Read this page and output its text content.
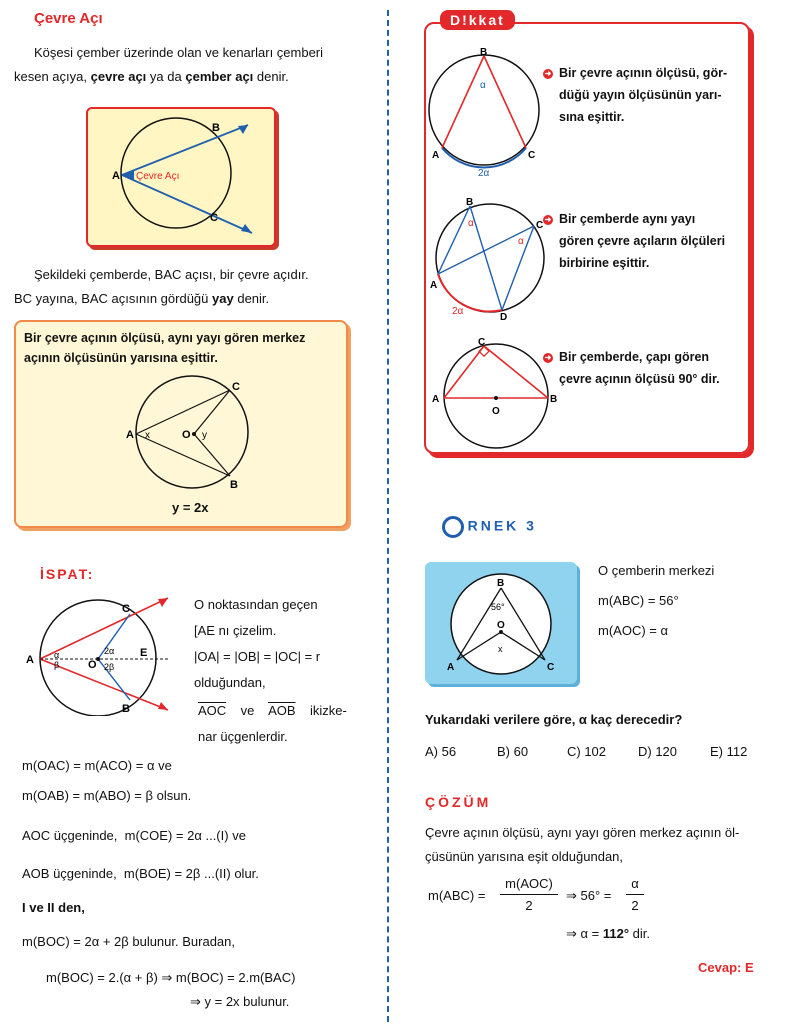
Çevre Açı
Köşesi çember üzerinde olan ve kenarları çemberi
kesen açıya, çevre açı ya da çember açı denir.
A
B
C
Çevre Açı
Şekildeki çemberde, BAC açısı, bir çevre açıdır.
BC yayına, BAC açısının gördüğü yay denir.
Bir çevre açının ölçüsü, aynı yayı gören merkez
açının ölçüsünün yarısına eşittir.
A x	O y
C
B
y = 2x
İSPAT:
A
C
B
E
O
α
β
2α
2β
O noktasından geçen
[AE nı çizelim.
|OA| = |OB| = |OC| = r
olduğundan,
$\overline{AOC}$ ve $\overline{AOB}$ ikizke-
nar üçgenlerdir.
m(OAC) = m(ACO) = α ve
m(OAB) = m(ABO) = β olsun.
AOC üçgeninde, m(COE) = 2α ...(I) ve
AOB üçgeninde, m(BOE) = 2β ...(II) olur.
I ve II den,
m(BOC) = 2α + 2β bulunur. Buradan,
m(BOC) = 2.(α + β) ⇒ m(BOC) = 2.m(BAC)
⇒ y = 2x bulunur.
D!kkat
B
A	C
α
2α
➜ Bir çevre açının ölçüsü, gör-
düğü yayın ölçüsünün yarı-
sına eşittir.
B
C
A
D
α
α
2α
➜ Bir çemberde aynı yayı
gören çevre açıların ölçüleri
birbirine eşittir.
C
A	B
O
➜ Bir çemberde, çapı gören
çevre açının ölçüsü 90° dir.
RNEK 3
B
A	C
O
56°
x
O çemberin merkezi
m(ABC) = 56°
m(AOC) = α
Yukarıdaki verilere göre, α kaç derecedir?
A) 56	B) 60	C) 102 D) 120	E) 112
ÇÖZÜM
Çevre açının ölçüsü, aynı yayı gören merkez açının öl-
çüsünün yarısına eşit olduğundan,
m(ABC) =
m(AOC)
2
⇒ 56° =
α
2
⇒ α = 112° dir.
Cevap: E
